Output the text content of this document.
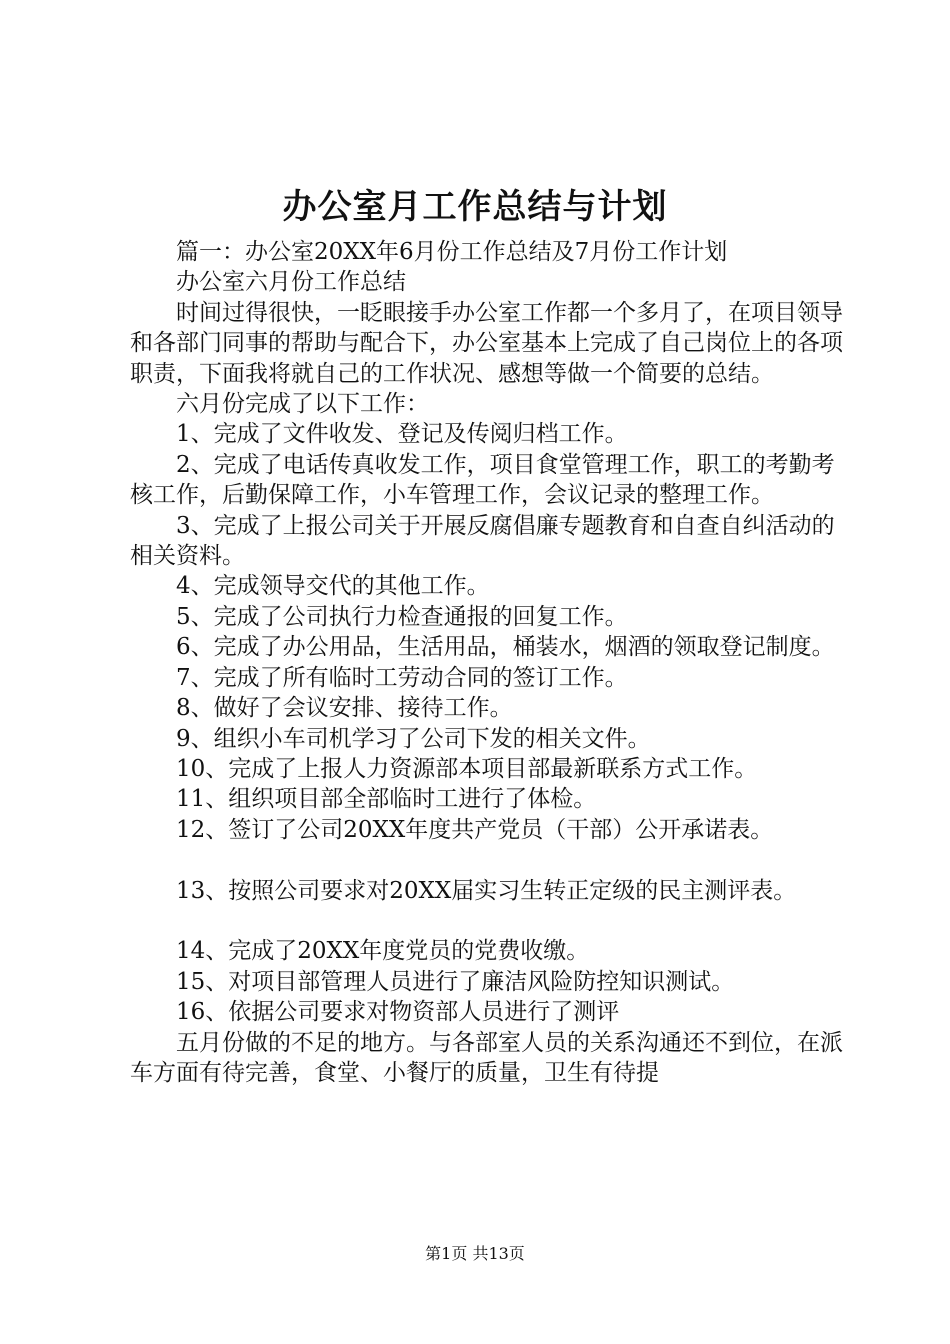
办公室月工作总结与计划

篇一：办公室20XX年6月份工作总结及7月份工作计划

办公室六月份工作总结

时间过得很快，一眨眼接手办公室工作都一个多月了，在项目领导和各部门同事的帮助与配合下，办公室基本上完成了自己岗位上的各项职责，下面我将就自己的工作状况、感想等做一个简要的总结。

六月份完成了以下工作：

1、完成了文件收发、登记及传阅归档工作。

2、完成了电话传真收发工作，项目食堂管理工作，职工的考勤考核工作，后勤保障工作，小车管理工作，会议记录的整理工作。

3、完成了上报公司关于开展反腐倡廉专题教育和自查自纠活动的相关资料。

4、完成领导交代的其他工作。

5、完成了公司执行力检查通报的回复工作。

6、完成了办公用品，生活用品，桶装水，烟酒的领取登记制度。

7、完成了所有临时工劳动合同的签订工作。

8、做好了会议安排、接待工作。

9、组织小车司机学习了公司下发的相关文件。

10、完成了上报人力资源部本项目部最新联系方式工作。

11、组织项目部全部临时工进行了体检。

12、签订了公司20XX年度共产党员（干部）公开承诺表。

13、按照公司要求对20XX届实习生转正定级的民主测评表。

14、完成了20XX年度党员的党费收缴。

15、对项目部管理人员进行了廉洁风险防控知识测试。

16、依据公司要求对物资部人员进行了测评

五月份做的不足的地方。与各部室人员的关系沟通还不到位，在派车方面有待完善，食堂、小餐厅的质量，卫生有待提

第1页 共13页
